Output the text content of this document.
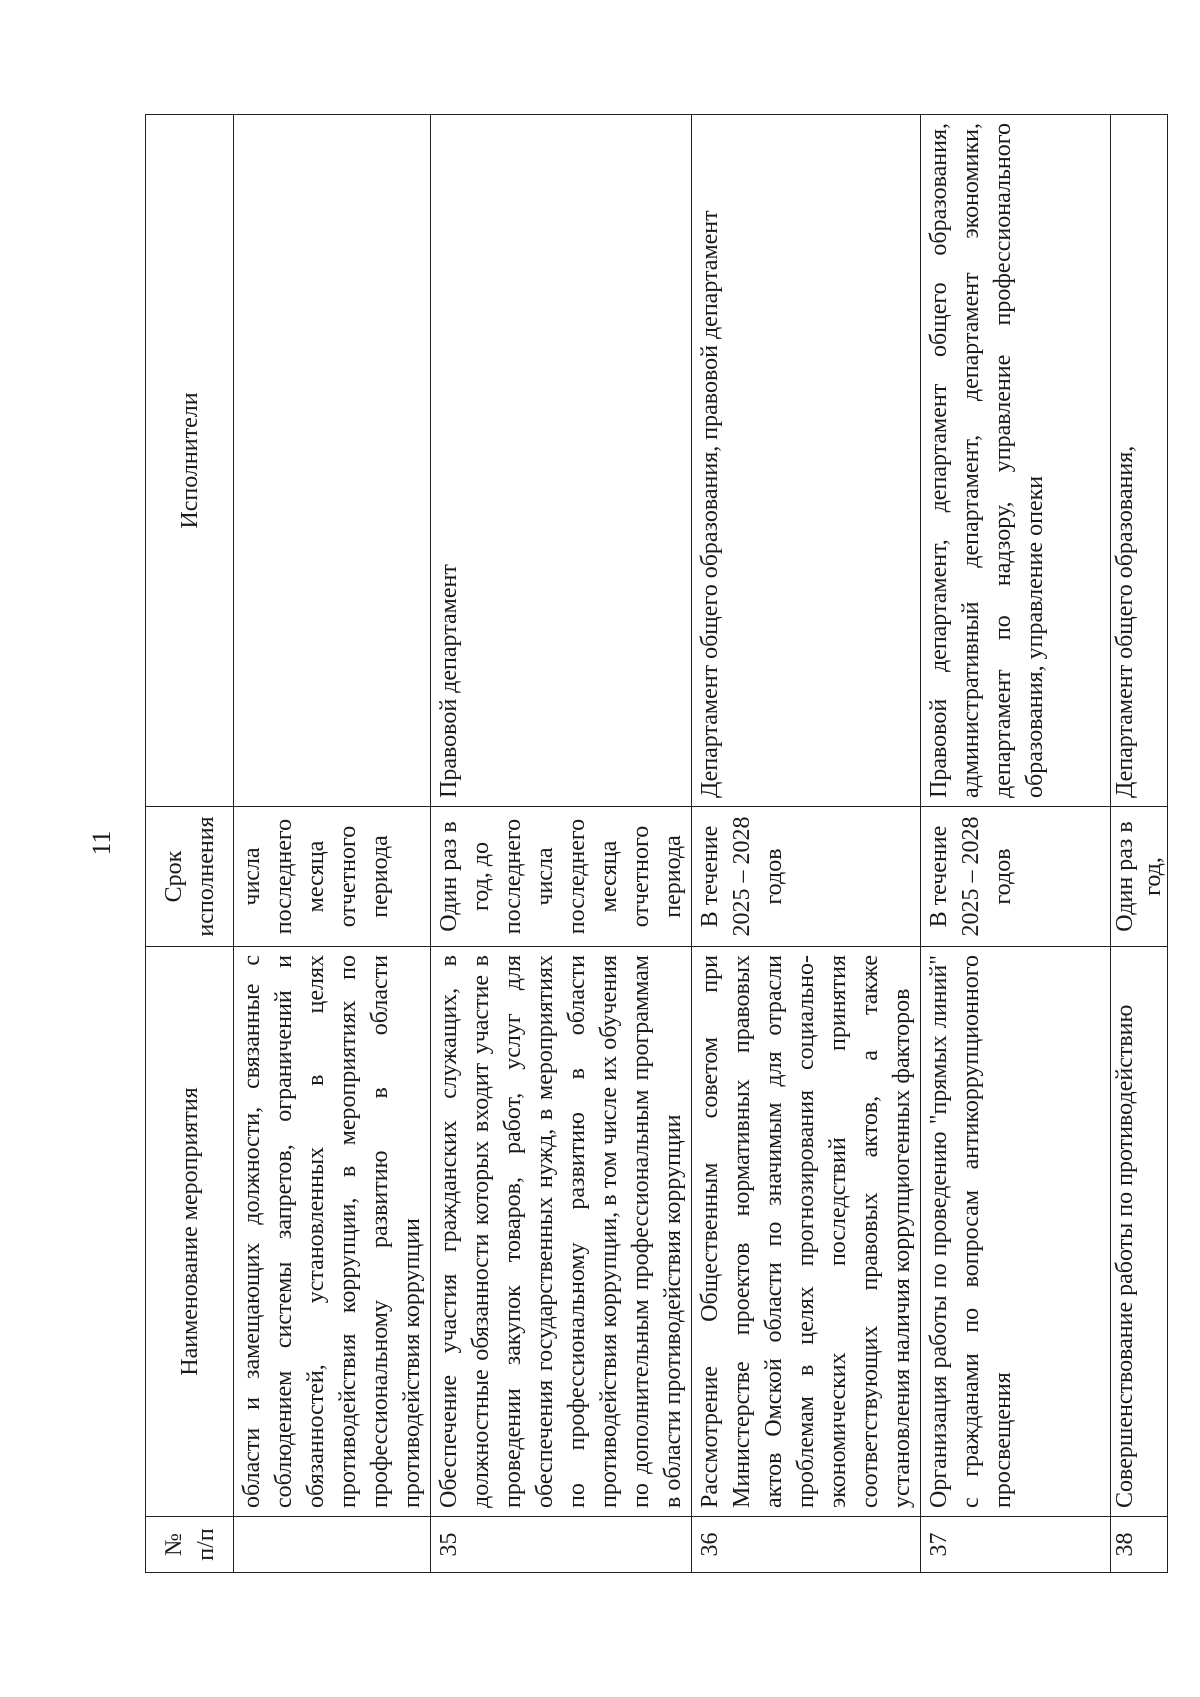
11
№ п/п	Наименование мероприятия	Срок исполнения	Исполнители
	области и замещающих должности, связанные с соблюдением системы запретов, ограничений и обязанностей, установленных в целях противодействия коррупции, в мероприятиях по профессиональному развитию в области противодействия коррупции	числа последнего месяца отчетного периода	
35	Обеспечение участия гражданских служащих, в должностные обязанности которых входит участие в проведении закупок товаров, работ, услуг для обеспечения государственных нужд, в мероприятиях по профессиональному развитию в области противодействия коррупции, в том числе их обучения по дополнительным профессиональным программам в области противодействия коррупции	Один раз в год, до последнего числа последнего месяца отчетного периода	Правовой департамент
36	Рассмотрение Общественным советом при Министерстве проектов нормативных правовых актов Омской области по значимым для отрасли проблемам в целях прогнозирования социально-экономических последствий принятия соответствующих правовых актов, а также установления наличия коррупциогенных факторов	В течение 2025 – 2028 годов	Департамент общего образования, правовой департамент
37	Организация работы по проведению "прямых линий" с гражданами по вопросам антикоррупционного просвещения	В течение 2025 – 2028 годов	Правовой департамент, департамент общего образования, административный департамент, департамент экономики, департамент по надзору, управление профессионального образования, управление опеки
38	Совершенствование работы по противодействию	Один раз в год,	Департамент общего образования,
